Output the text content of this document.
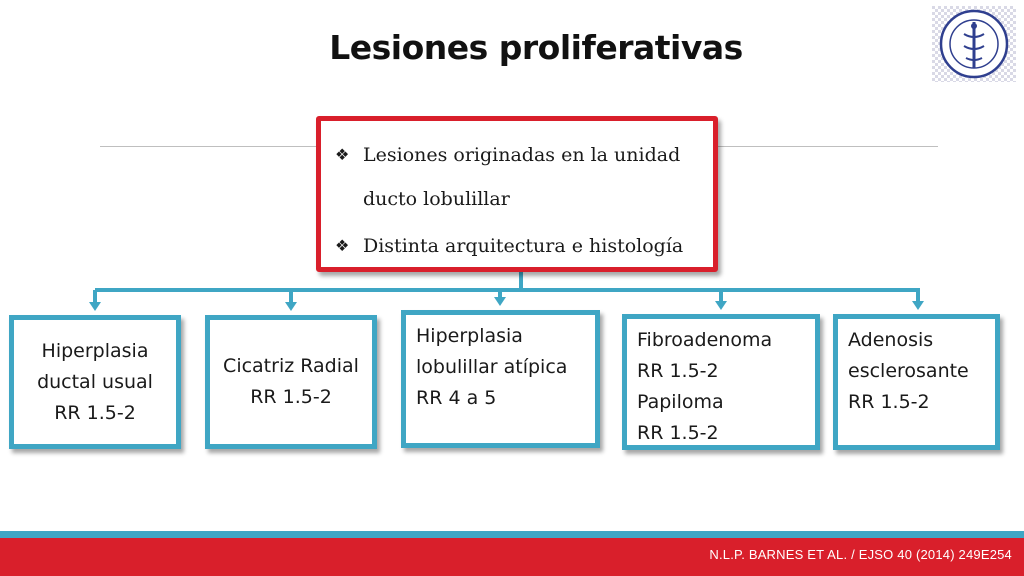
Lesiones proliferativas
❖ Lesiones originadas en la unidad
ducto lobulillar
❖ Distinta arquitectura e histología
Hiperplasia
ductal usual
RR 1.5-2
Cicatriz Radial
RR 1.5-2
Hiperplasia
lobulillar atípica
RR 4 a 5
Fibroadenoma
RR 1.5-2
Papiloma
RR 1.5-2
Adenosis
esclerosante
RR 1.5-2
N.L.P. BARNES ET AL. / EJSO 40 (2014) 249E254
